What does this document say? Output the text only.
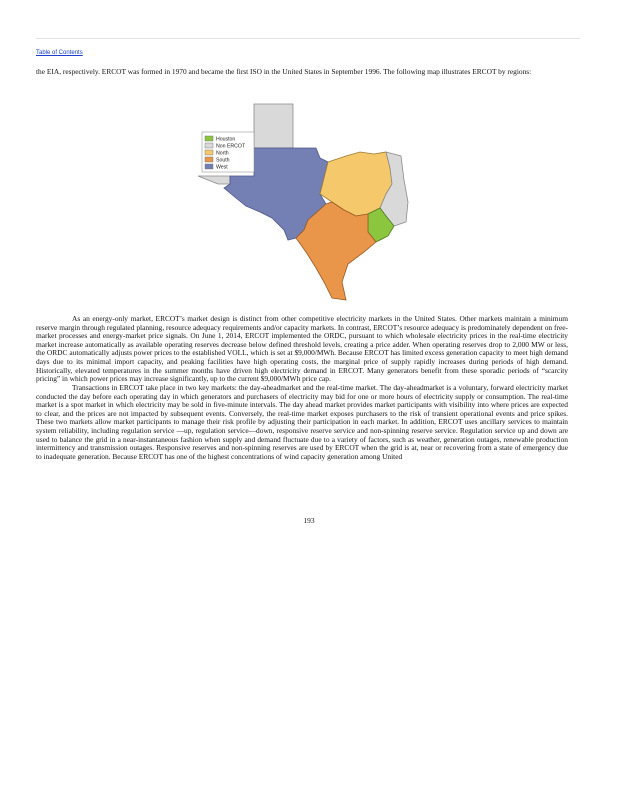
Table of Contents

the EIA, respectively. ERCOT was formed in 1970 and became the first ISO in the United States in September 1996. The following map illustrates ERCOT by regions:

Houston
Non ERCOT
North
South
West

As an energy-only market, ERCOT’s market design is distinct from other competitive electricity markets in the United States. Other markets maintain a minimum reserve margin through regulated planning, resource adequacy requirements and/or capacity markets. In contrast, ERCOT’s resource adequacy is predominately dependent on free-market processes and energy-market price signals. On June 1, 2014, ERCOT implemented the ORDC, pursuant to which wholesale electricity prices in the real-time electricity market increase automatically as available operating reserves decrease below defined threshold levels, creating a price adder. When operating reserves drop to 2,000 MW or less, the ORDC automatically adjusts power prices to the established VOLL, which is set at $9,000/MWh. Because ERCOT has limited excess generation capacity to meet high demand days due to its minimal import capacity, and peaking facilities have high operating costs, the marginal price of supply rapidly increases during periods of high demand. Historically, elevated temperatures in the summer months have driven high electricity demand in ERCOT. Many generators benefit from these sporadic periods of “scarcity pricing” in which power prices may increase significantly, up to the current $9,000/MWh price cap.

Transactions in ERCOT take place in two key markets: the day-aheadmarket and the real-time market. The day-aheadmarket is a voluntary, forward electricity market conducted the day before each operating day in which generators and purchasers of electricity may bid for one or more hours of electricity supply or consumption. The real-time market is a spot market in which electricity may be sold in five-minute intervals. The day ahead market provides market participants with visibility into where prices are expected to clear, and the prices are not impacted by subsequent events. Conversely, the real-time market exposes purchasers to the risk of transient operational events and price spikes. These two markets allow market participants to manage their risk profile by adjusting their participation in each market. In addition, ERCOT uses ancillary services to maintain system reliability, including regulation service —up, regulation service—down, responsive reserve service and non-spinning reserve service. Regulation service up and down are used to balance the grid in a near-instantaneous fashion when supply and demand fluctuate due to a variety of factors, such as weather, generation outages, renewable production intermittency and transmission outages. Responsive reserves and non-spinning reserves are used by ERCOT when the grid is at, near or recovering from a state of emergency due to inadequate generation. Because ERCOT has one of the highest concentrations of wind capacity generation among United

193
